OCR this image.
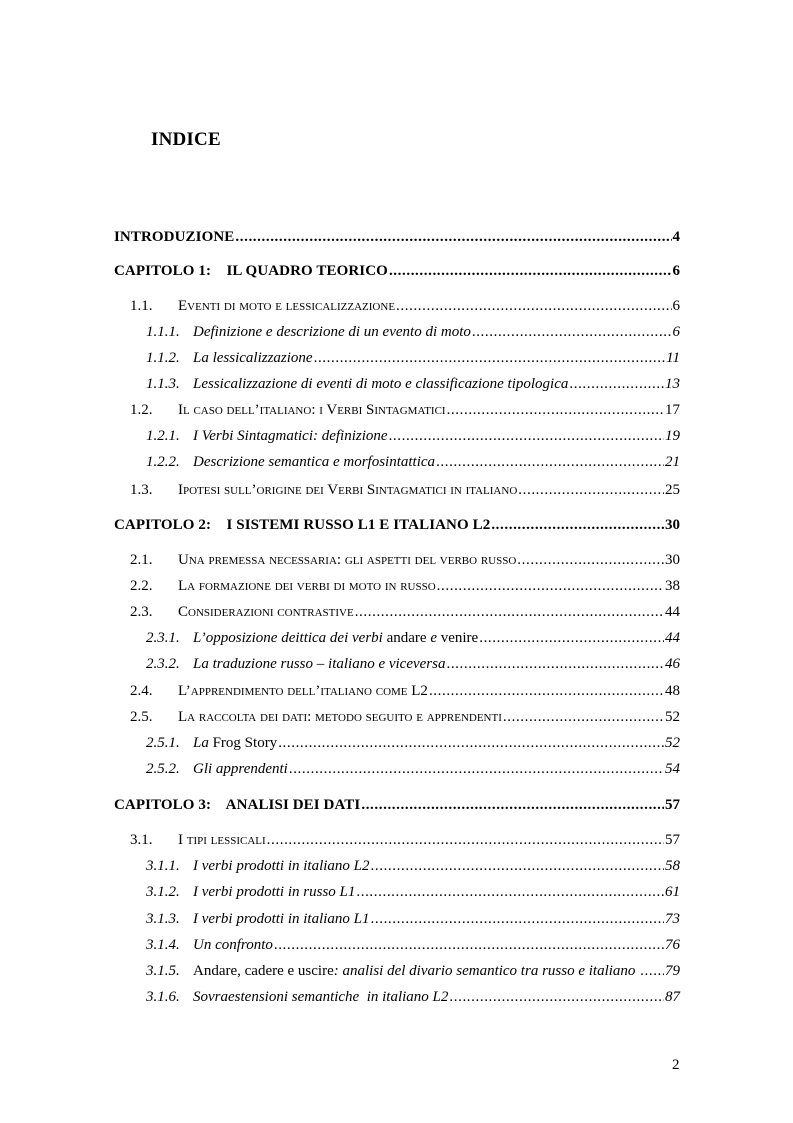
INDICE
INTRODUZIONE .....	4
CAPITOLO 1:    IL QUADRO TEORICO .....	6
1.1.	Eventi di moto e lessicalizzazione .....	6
1.1.1. Definizione e descrizione di un evento di moto .....	6
1.1.2. La lessicalizzazione .....	11
1.1.3. Lessicalizzazione di eventi di moto e classificazione tipologica .....	13
1.2.	Il caso dell’italiano: i Verbi Sintagmatici .....	17
1.2.1. I Verbi Sintagmatici: definizione .....	19
1.2.2. Descrizione semantica e morfosintattica .....	21
1.3.	Ipotesi sull’origine dei Verbi Sintagmatici in italiano .....	25
CAPITOLO 2:    I SISTEMI RUSSO L1 E ITALIANO L2 .....	30
2.1.	Una premessa necessaria: gli aspetti del verbo russo .....	30
2.2.	La formazione dei verbi di moto in russo .....	38
2.3.	Considerazioni contrastive .....	44
2.3.1. L’opposizione deittica dei verbi andare e venire .....	44
2.3.2. La traduzione russo – italiano e viceversa .....	46
2.4.	L’apprendimento dell’italiano come L2 .....	48
2.5.	La raccolta dei dati: metodo seguito e apprendenti .....	52
2.5.1. La Frog Story .....	52
2.5.2. Gli apprendenti .....	54
CAPITOLO 3:    ANALISI DEI DATI .....	57
3.1.	I tipi lessicali .....	57
3.1.1. I verbi prodotti in italiano L2 .....	58
3.1.2. I verbi prodotti in russo L1 .....	61
3.1.3. I verbi prodotti in italiano L1 .....	73
3.1.4. Un confronto .....	76
3.1.5. Andare, cadere e uscire: analisi del divario semantico tra russo e italiano ..... 79
3.1.6. Sovraestensioni semantiche  in italiano L2 .....	87
2
